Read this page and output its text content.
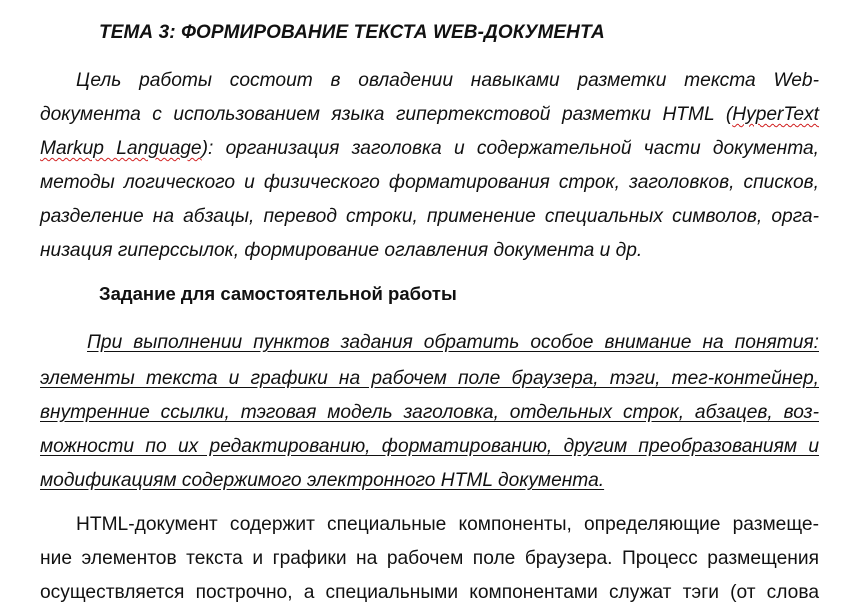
ТЕМА 3: ФОРМИРОВАНИЕ ТЕКСТА WEB-ДОКУМЕНТА
Цель работы состоит в овладении навыками разметки текста Web-
документа с использованием языка гипертекстовой разметки HTML (HyperText
Markup Language): организация заголовка и содержательной части документа,
методы логического и физического форматирования строк, заголовков, списков,
разделение на абзацы, перевод строки, применение специальных символов, орга-
низация гиперссылок, формирование оглавления документа и др.
Задание для самостоятельной работы
При выполнении пунктов задания обратить особое внимание на понятия:
элементы текста и графики на рабочем поле браузера, тэги, тег-контейнер,
внутренние ссылки, тэговая модель заголовка, отдельных строк, абзацев, воз-
можности по их редактированию, форматированию, другим преобразованиям и
модификациям содержимого электронного HTML документа.
HTML-документ содержит специальные компоненты, определяющие размеще-
ние элементов текста и графики на рабочем поле браузера. Процесс размещения
осуществляется построчно, а специальными компонентами служат тэги (от слова
